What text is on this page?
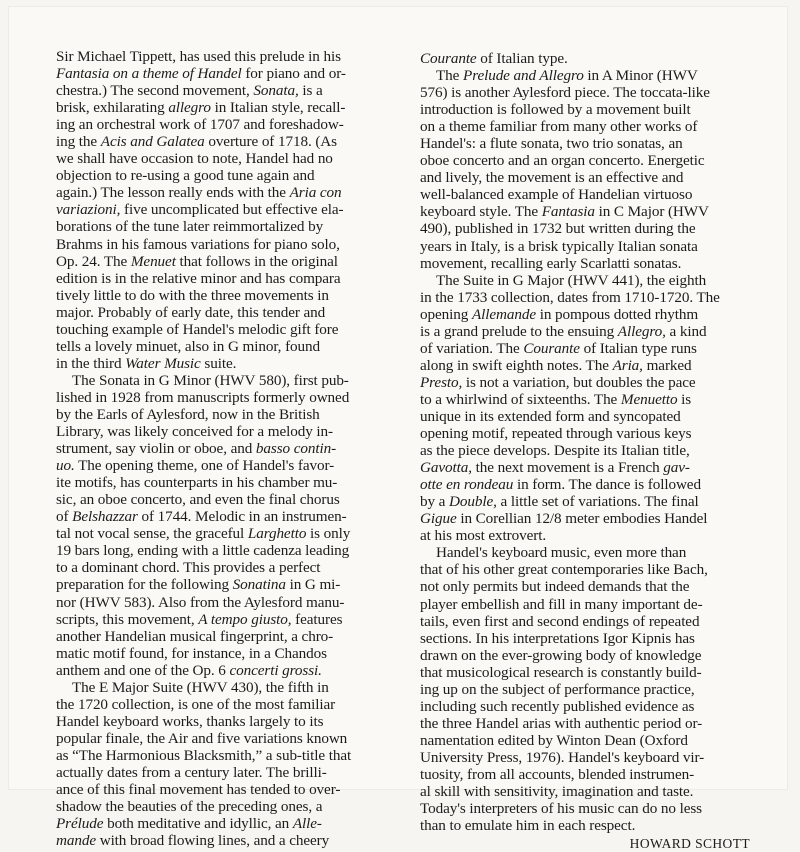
Sir Michael Tippett, has used this prelude in his
Fantasia on a theme of Handel for piano and or-
chestra.) The second movement, Sonata, is a
brisk, exhilarating allegro in Italian style, recall-
ing an orchestral work of 1707 and foreshadow-
ing the Acis and Galatea overture of 1718. (As
we shall have occasion to note, Handel had no
objection to re-using a good tune again and
again.) The lesson really ends with the Aria con
variazioni, five uncomplicated but effective ela-
borations of the tune later reimmortalized by
Brahms in his famous variations for piano solo,
Op. 24. The Menuet that follows in the original
edition is in the relative minor and has compara
tively little to do with the three movements in
major. Probably of early date, this tender and
touching example of Handel's melodic gift fore
tells a lovely minuet, also in G minor, found
in the third Water Music suite.
The Sonata in G Minor (HWV 580), first pub-
lished in 1928 from manuscripts formerly owned
by the Earls of Aylesford, now in the British
Library, was likely conceived for a melody in-
strument, say violin or oboe, and basso contin-
uo. The opening theme, one of Handel's favor-
ite motifs, has counterparts in his chamber mu-
sic, an oboe concerto, and even the final chorus
of Belshazzar of 1744. Melodic in an instrumen-
tal not vocal sense, the graceful Larghetto is only
19 bars long, ending with a little cadenza leading
to a dominant chord. This provides a perfect
preparation for the following Sonatina in G mi-
nor (HWV 583). Also from the Aylesford manu-
scripts, this movement, A tempo giusto, features
another Handelian musical fingerprint, a chro-
matic motif found, for instance, in a Chandos
anthem and one of the Op. 6 concerti grossi.
The E Major Suite (HWV 430), the fifth in
the 1720 collection, is one of the most familiar
Handel keyboard works, thanks largely to its
popular finale, the Air and five variations known
as “The Harmonious Blacksmith,” a sub-title that
actually dates from a century later. The brilli-
ance of this final movement has tended to over-
shadow the beauties of the preceding ones, a
Prélude both meditative and idyllic, an Alle-
mande with broad flowing lines, and a cheery
Courante of Italian type.
The Prelude and Allegro in A Minor (HWV
576) is another Aylesford piece. The toccata-like
introduction is followed by a movement built
on a theme familiar from many other works of
Handel's: a flute sonata, two trio sonatas, an
oboe concerto and an organ concerto. Energetic
and lively, the movement is an effective and
well-balanced example of Handelian virtuoso
keyboard style. The Fantasia in C Major (HWV
490), published in 1732 but written during the
years in Italy, is a brisk typically Italian sonata
movement, recalling early Scarlatti sonatas.
The Suite in G Major (HWV 441), the eighth
in the 1733 collection, dates from 1710-1720. The
opening Allemande in pompous dotted rhythm
is a grand prelude to the ensuing Allegro, a kind
of variation. The Courante of Italian type runs
along in swift eighth notes. The Aria, marked
Presto, is not a variation, but doubles the pace
to a whirlwind of sixteenths. The Menuetto is
unique in its extended form and syncopated
opening motif, repeated through various keys
as the piece develops. Despite its Italian title,
Gavotta, the next movement is a French gav-
otte en rondeau in form. The dance is followed
by a Double, a little set of variations. The final
Gigue in Corellian 12/8 meter embodies Handel
at his most extrovert.
Handel's keyboard music, even more than
that of his other great contemporaries like Bach,
not only permits but indeed demands that the
player embellish and fill in many important de-
tails, even first and second endings of repeated
sections. In his interpretations Igor Kipnis has
drawn on the ever-growing body of knowledge
that musicological research is constantly build-
ing up on the subject of performance practice,
including such recently published evidence as
the three Handel arias with authentic period or-
namentation edited by Winton Dean (Oxford
University Press, 1976). Handel's keyboard vir-
tuosity, from all accounts, blended instrumen-
al skill with sensitivity, imagination and taste.
Today's interpreters of his music can do no less
than to emulate him in each respect.
HOWARD SCHOTT
